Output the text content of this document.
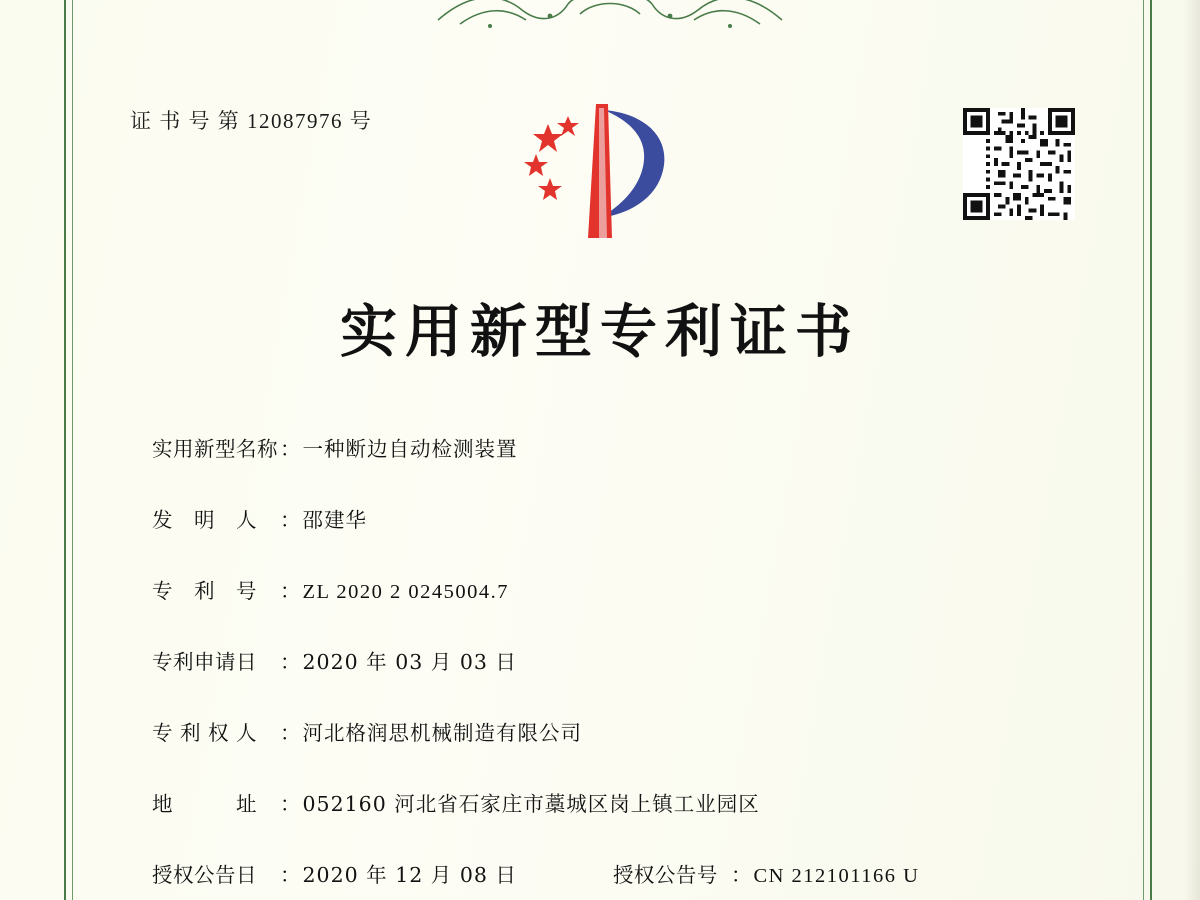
证 书 号 第 12087976 号
实用新型专利证书
实用新型名称 ： 一种断边自动检测装置
发　明　人	： 邵建华
专　利　号	： ZL 2020 2 0245004.7
专利申请日	： 2020 年 03 月 03 日
专 利 权 人	： 河北格润思机械制造有限公司
地　　　址	： 052160 河北省石家庄市藁城区岗上镇工业园区
授权公告日	： 2020 年 12 月 08 日	授权公告号 ： CN 212101166 U
